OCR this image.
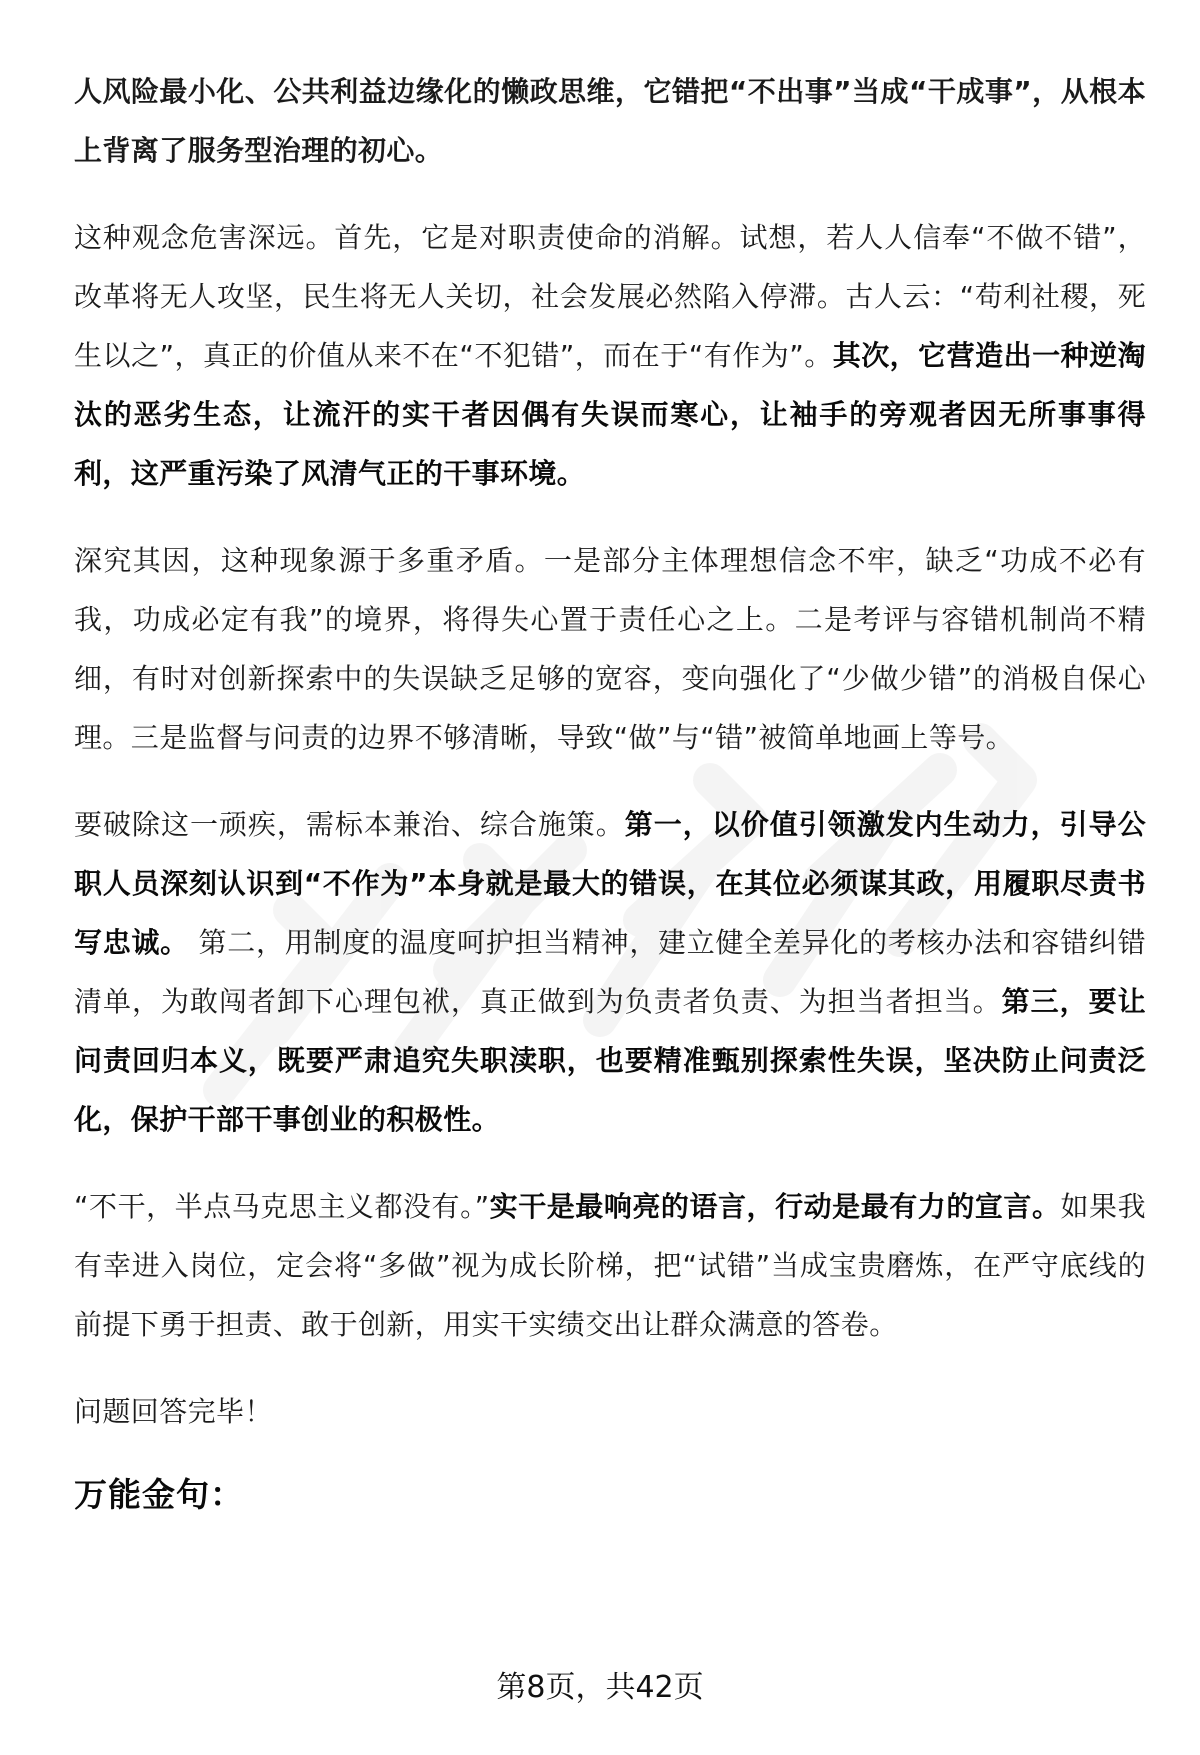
人风险最小化、公共利益边缘化的懒政思维，它错把“不出事”当成“干成事”，从根本上背离了服务型治理的初心。

这种观念危害深远。首先，它是对职责使命的消解。试想，若人人信奉“不做不错”，改革将无人攻坚，民生将无人关切，社会发展必然陷入停滞。古人云：“苟利社稷，死生以之”，真正的价值从来不在“不犯错”，而在于“有作为”。其次，它营造出一种逆淘汰的恶劣生态，让流汗的实干者因偶有失误而寒心，让袖手的旁观者因无所事事得利，这严重污染了风清气正的干事环境。

深究其因，这种现象源于多重矛盾。一是部分主体理想信念不牢，缺乏“功成不必有我，功成必定有我”的境界，将得失心置于责任心之上。二是考评与容错机制尚不精细，有时对创新探索中的失误缺乏足够的宽容，变向强化了“少做少错”的消极自保心理。三是监督与问责的边界不够清晰，导致“做”与“错”被简单地画上等号。

要破除这一顽疾，需标本兼治、综合施策。第一，以价值引领激发内生动力，引导公职人员深刻认识到“不作为”本身就是最大的错误，在其位必须谋其政，用履职尽责书写忠诚。 第二，用制度的温度呵护担当精神，建立健全差异化的考核办法和容错纠错清单，为敢闯者卸下心理包袱，真正做到为负责者负责、为担当者担当。第三，要让问责回归本义，既要严肃追究失职渎职，也要精准甄别探索性失误，坚决防止问责泛化，保护干部干事创业的积极性。

“不干，半点马克思主义都没有。”实干是最响亮的语言，行动是最有力的宣言。如果我有幸进入岗位，定会将“多做”视为成长阶梯，把“试错”当成宝贵磨炼，在严守底线的前提下勇于担责、敢于创新，用实干实绩交出让群众满意的答卷。

问题回答完毕！

万能金句：
第8页，共42页
